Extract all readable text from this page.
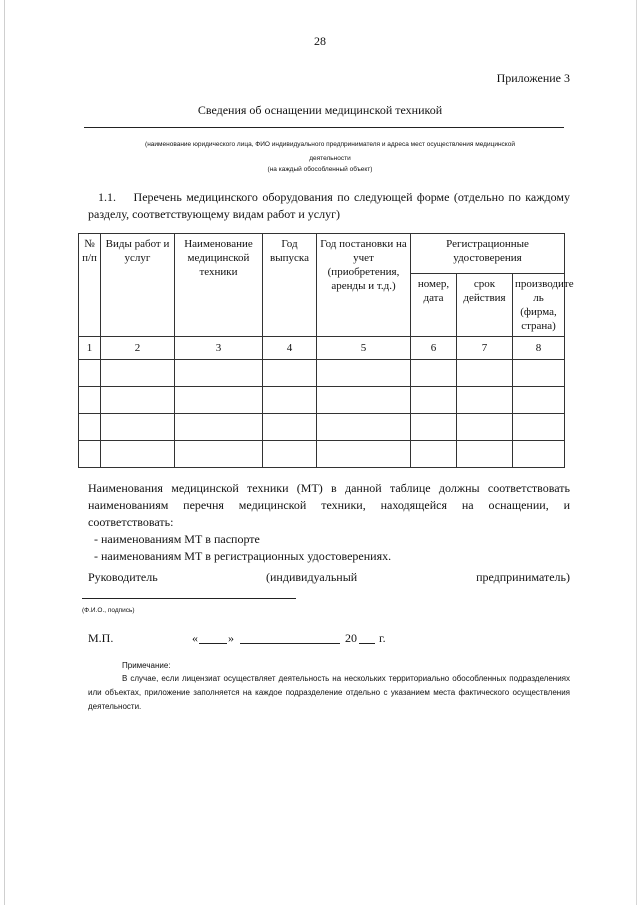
28
Приложение 3
Сведения об оснащении медицинской техникой
(наименование юридического лица, ФИО индивидуального предпринимателя и адреса мест осуществления медицинской
деятельности
(на каждый обособленный объект)
1.1. Перечень медицинского оборудования по следующей форме (отдельно по каждому разделу, соответствующему видам работ и услуг)
№ п/п	Виды работ и услуг	Наименование медицинской техники	Год выпуска	Год постановки на учет (приобретения, аренды и т.д.)	Регистрационные удостоверения		
					номер, дата	срок действия	производите ль (фирма, страна)
1	2	3	4	5	6	7	8

Наименования медицинской техники (МТ) в данной таблице должны соответствовать наименованиям перечня медицинской техники, находящейся на оснащении, и соответствовать:
- наименованиям МТ в паспорте
- наименованиям МТ в регистрационных удостоверениях.
Руководитель	(индивидуальный	предприниматель)
(Ф.И.О., подпись)
М.П.	«	»	20 г.
Примечание:
В случае, если лицензиат осуществляет деятельность на нескольких территориально обособленных подразделениях или объектах, приложение заполняется на каждое подразделение отдельно с указанием места фактического осуществления деятельности.
